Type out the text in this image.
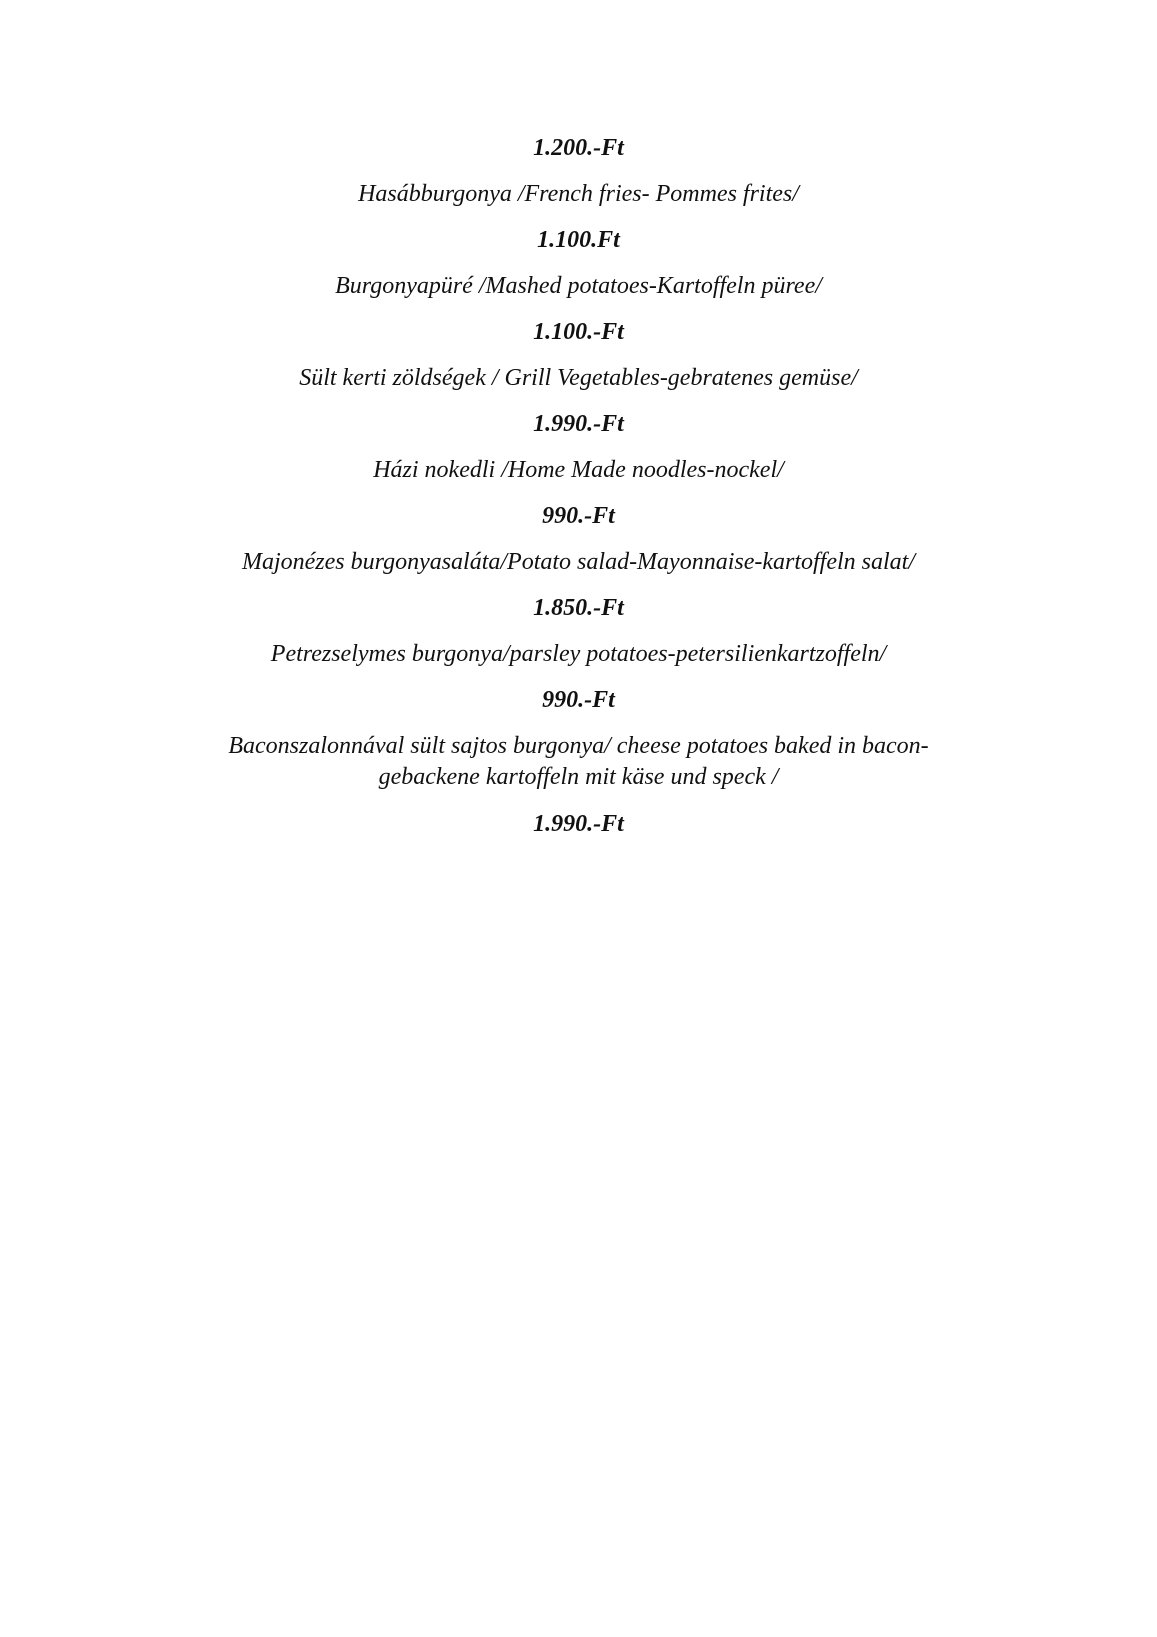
1.200.-Ft
Hasábburgonya /French fries- Pommes frites/
1.100.Ft
Burgonyapüré /Mashed potatoes-Kartoffeln püree/
1.100.-Ft
Sült kerti zöldségek / Grill Vegetables-gebratenes gemüse/
1.990.-Ft
Házi nokedli /Home Made noodles-nockel/
990.-Ft
Majonézes burgonyasaláta/Potato salad-Mayonnaise-kartoffeln salat/
1.850.-Ft
Petrezselymes burgonya/parsley potatoes-petersilienkartzoffeln/
990.-Ft
Baconszalonnával sült sajtos burgonya/ cheese potatoes baked in bacon-
gebackene kartoffeln mit käse und speck /
1.990.-Ft
